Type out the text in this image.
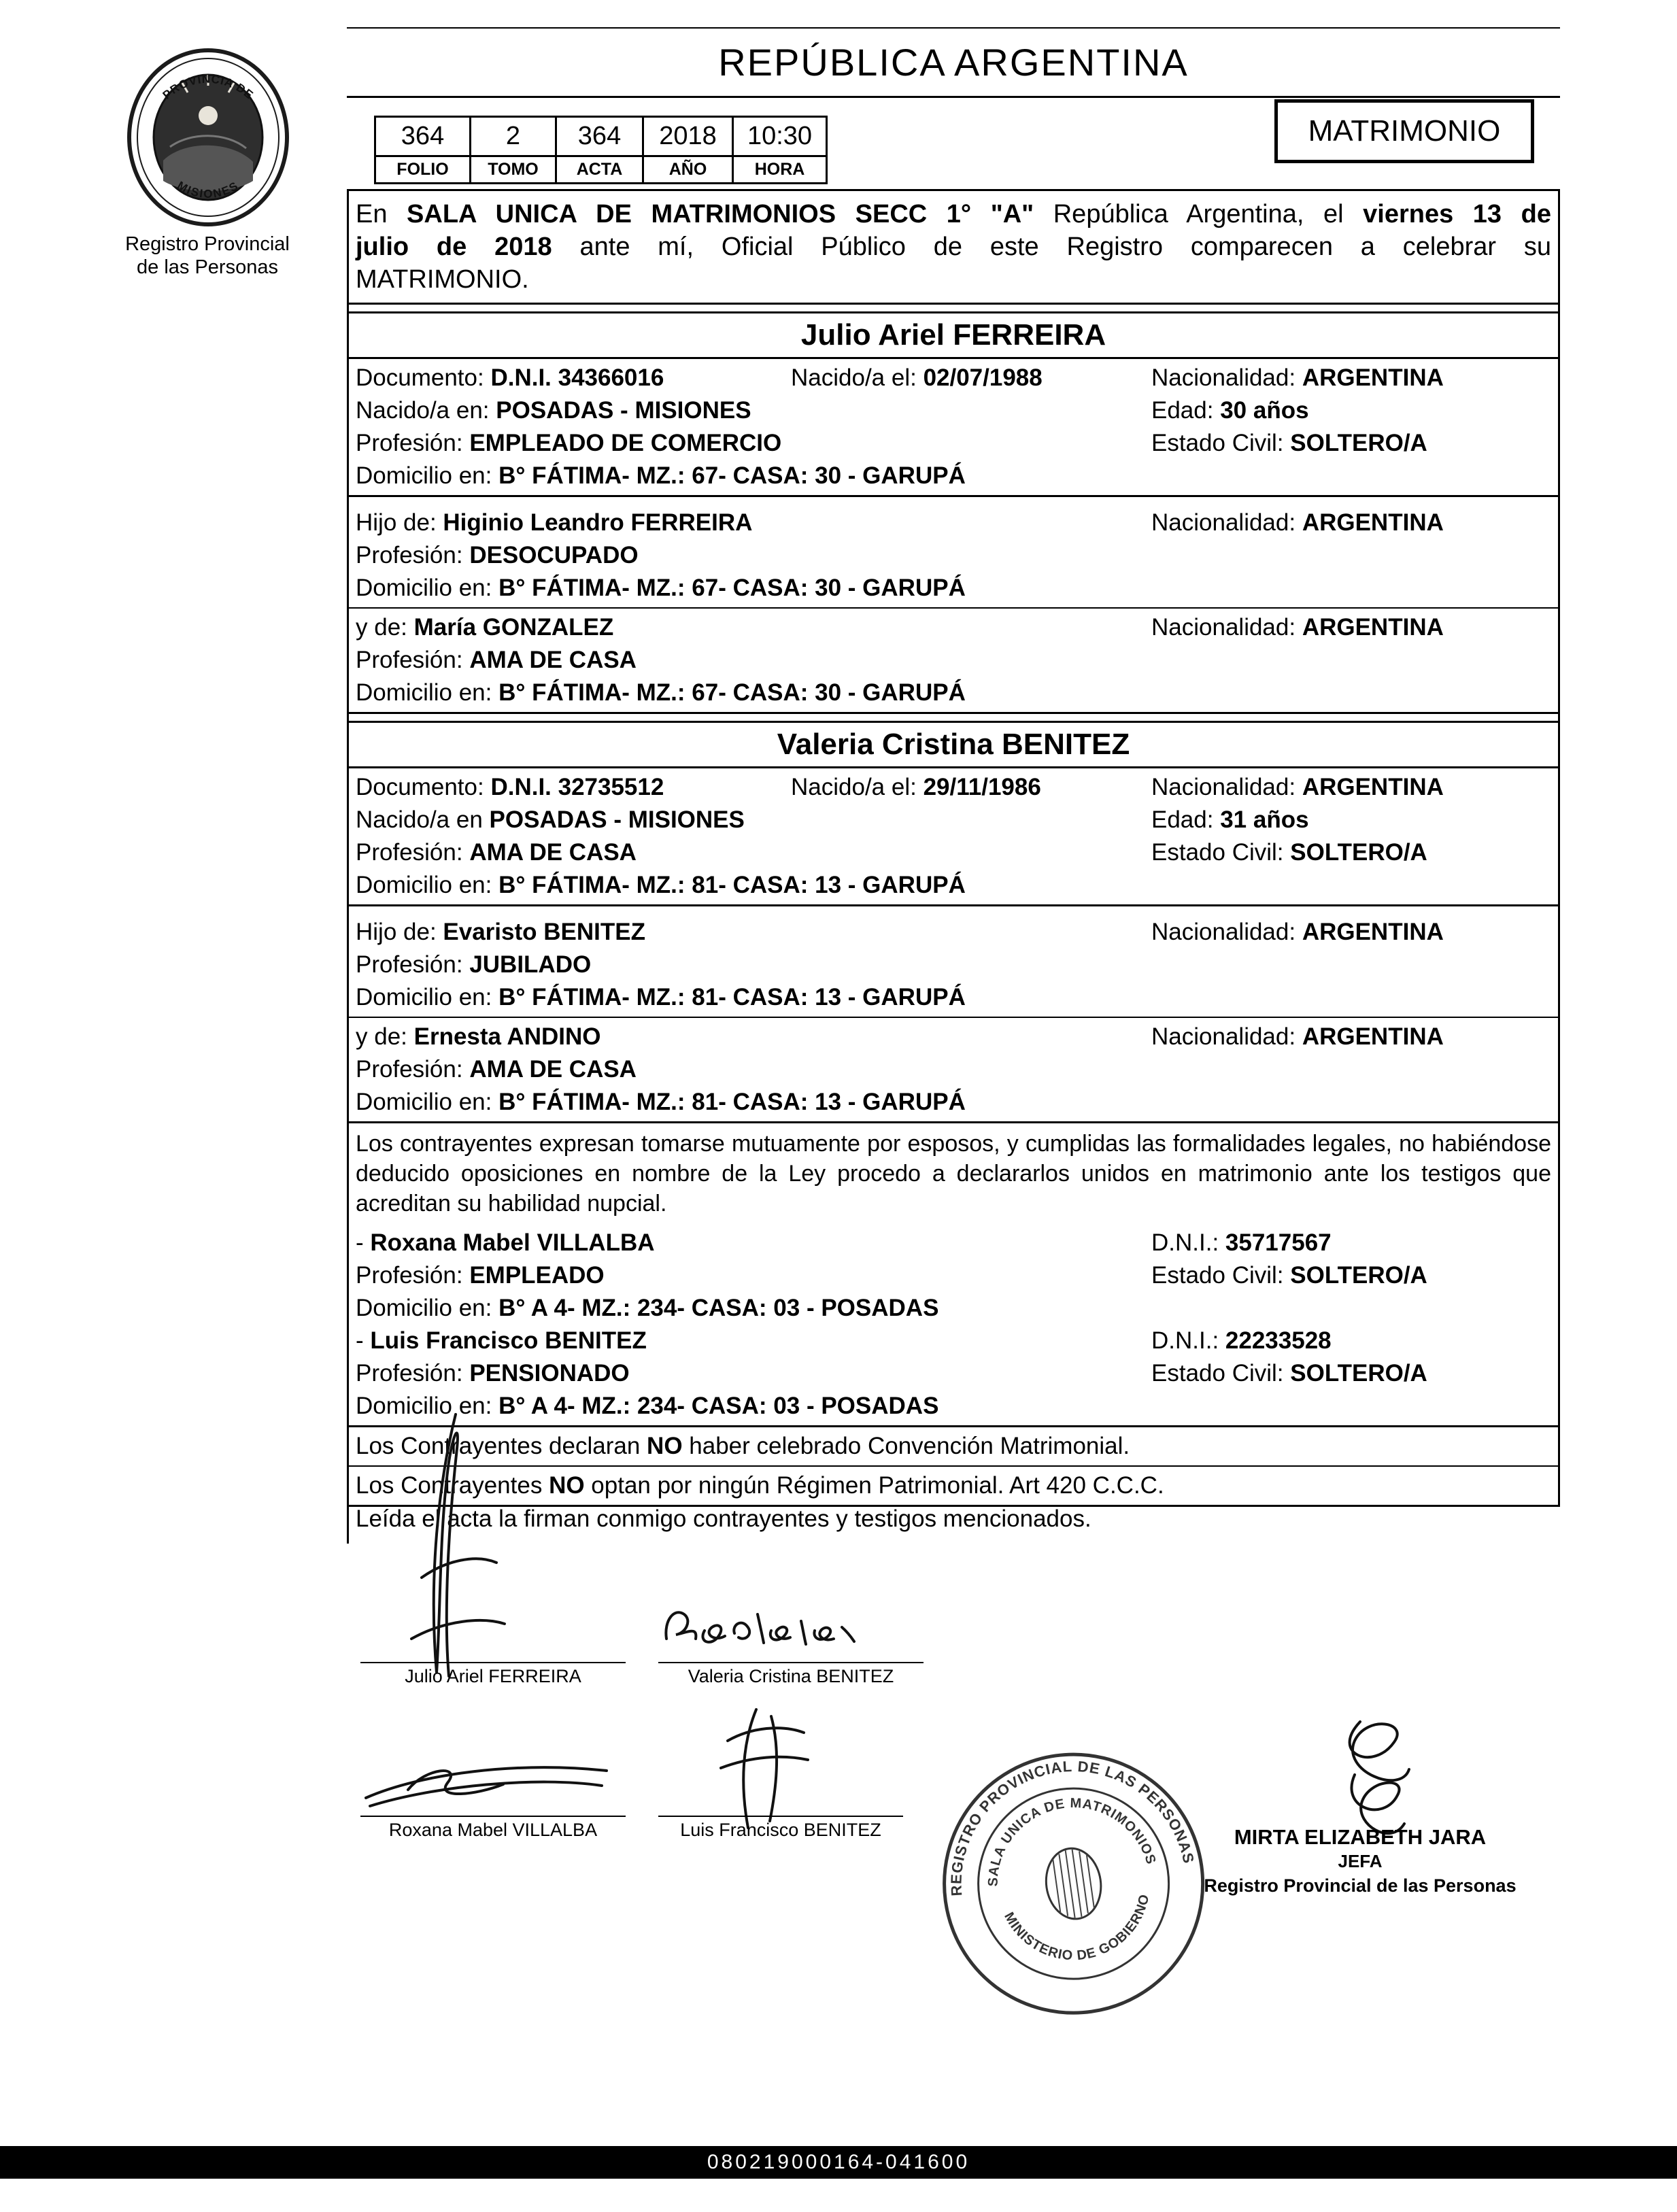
PROVINCIA DE
MISIONES
Registro Provincial
de las Personas
REPÚBLICA ARGENTINA
364	2	364	2018	10:30
FOLIO	TOMO	ACTA	AÑO	HORA
MATRIMONIO
En SALA UNICA DE MATRIMONIOS SECC 1° "A" República Argentina, el viernes 13 de
julio de 2018 ante mí, Oficial Público de este Registro comparecen a celebrar su
MATRIMONIO.
Julio Ariel FERREIRA
Documento: D.N.I. 34366016	Nacido/a el: 02/07/1988	Nacionalidad: ARGENTINA
Nacido/a en: POSADAS - MISIONES	Edad: 30 años
Profesión: EMPLEADO DE COMERCIO	Estado Civil: SOLTERO/A
Domicilio en: B° FÁTIMA- MZ.: 67- CASA: 30 - GARUPÁ
Hijo de: Higinio Leandro FERREIRA	Nacionalidad: ARGENTINA
Profesión: DESOCUPADO
Domicilio en: B° FÁTIMA- MZ.: 67- CASA: 30 - GARUPÁ
y de: María GONZALEZ	Nacionalidad: ARGENTINA
Profesión: AMA DE CASA
Domicilio en: B° FÁTIMA- MZ.: 67- CASA: 30 - GARUPÁ
Valeria Cristina BENITEZ
Documento: D.N.I. 32735512	Nacido/a el: 29/11/1986	Nacionalidad: ARGENTINA
Nacido/a en POSADAS - MISIONES	Edad: 31 años
Profesión: AMA DE CASA	Estado Civil: SOLTERO/A
Domicilio en: B° FÁTIMA- MZ.: 81- CASA: 13 - GARUPÁ
Hijo de: Evaristo BENITEZ	Nacionalidad: ARGENTINA
Profesión: JUBILADO
Domicilio en: B° FÁTIMA- MZ.: 81- CASA: 13 - GARUPÁ
y de: Ernesta ANDINO	Nacionalidad: ARGENTINA
Profesión: AMA DE CASA
Domicilio en: B° FÁTIMA- MZ.: 81- CASA: 13 - GARUPÁ
Los contrayentes expresan tomarse mutuamente por esposos, y cumplidas las formalidades legales, no habiéndose deducido oposiciones en nombre de la Ley procedo a declararlos unidos en matrimonio ante los testigos que acreditan su habilidad nupcial.
- Roxana Mabel VILLALBA	D.N.I.: 35717567
Profesión: EMPLEADO	Estado Civil: SOLTERO/A
Domicilio en: B° A 4- MZ.: 234- CASA: 03 - POSADAS
- Luis Francisco BENITEZ	D.N.I.: 22233528
Profesión: PENSIONADO	Estado Civil: SOLTERO/A
Domicilio en: B° A 4- MZ.: 234- CASA: 03 - POSADAS
Los Contrayentes declaran NO haber celebrado Convención Matrimonial.
Los Contrayentes NO optan por ningún Régimen Patrimonial. Art 420 C.C.C.
Leída el acta la firman conmigo contrayentes y testigos mencionados.
Julio Ariel FERREIRA	Valeria Cristina BENITEZ
Roxana Mabel VILLALBA	Luis Francisco BENITEZ
REGISTRO PROVINCIAL DE LAS PERSONAS
SALA UNICA DE MATRIMONIOS
MINISTERIO DE GOBIERNO
MIRTA ELIZABETH JARA
JEFA
Registro Provincial de las Personas
080219000164-041600
